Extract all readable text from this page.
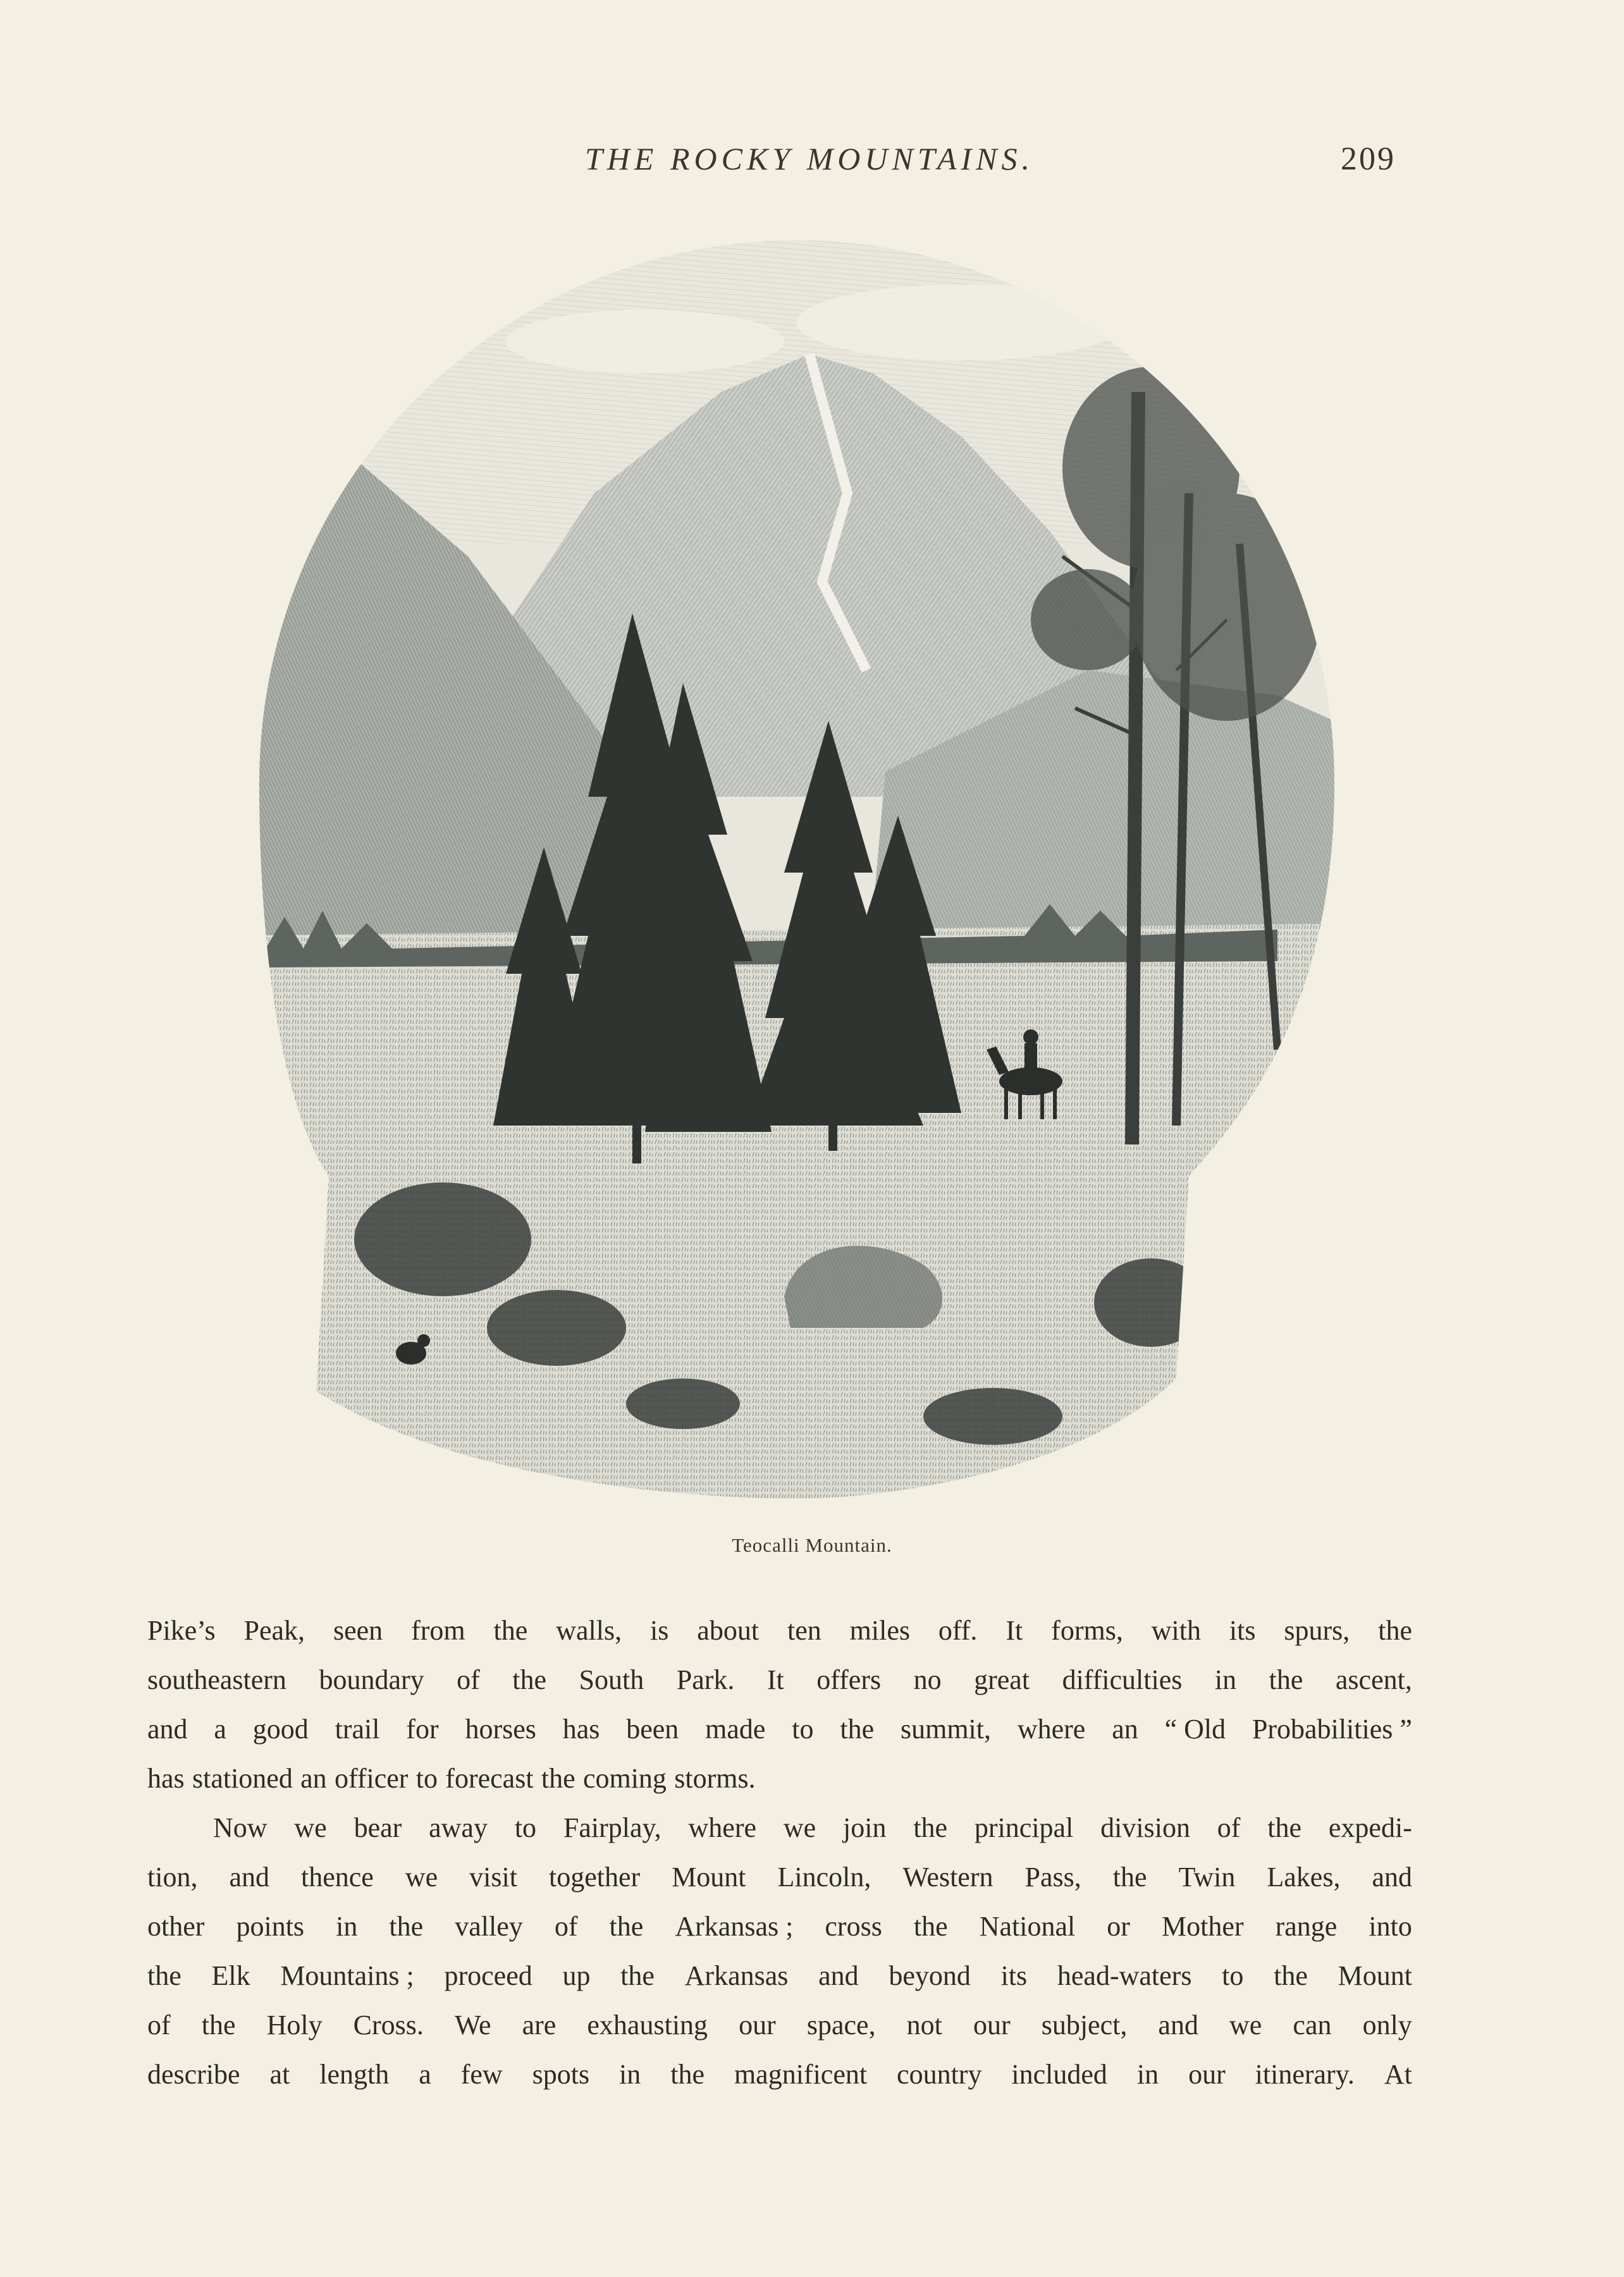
THE ROCKY MOUNTAINS.	209
Teocalli Mountain.
Pike’s Peak, seen from the walls, is about ten miles off. It forms, with its spurs, the
southeastern boundary of the South Park. It offers no great difficulties in the ascent,
and a good trail for horses has been made to the summit, where an “ Old Probabilities ”
has stationed an officer to forecast the coming storms.
Now we bear away to Fairplay, where we join the principal division of the expedi-
tion, and thence we visit together Mount Lincoln, Western Pass, the Twin Lakes, and
other points in the valley of the Arkansas ; cross the National or Mother range into
the Elk Mountains ; proceed up the Arkansas and beyond its head-waters to the Mount
of the Holy Cross. We are exhausting our space, not our subject, and we can only
describe at length a few spots in the magnificent country included in our itinerary. At
